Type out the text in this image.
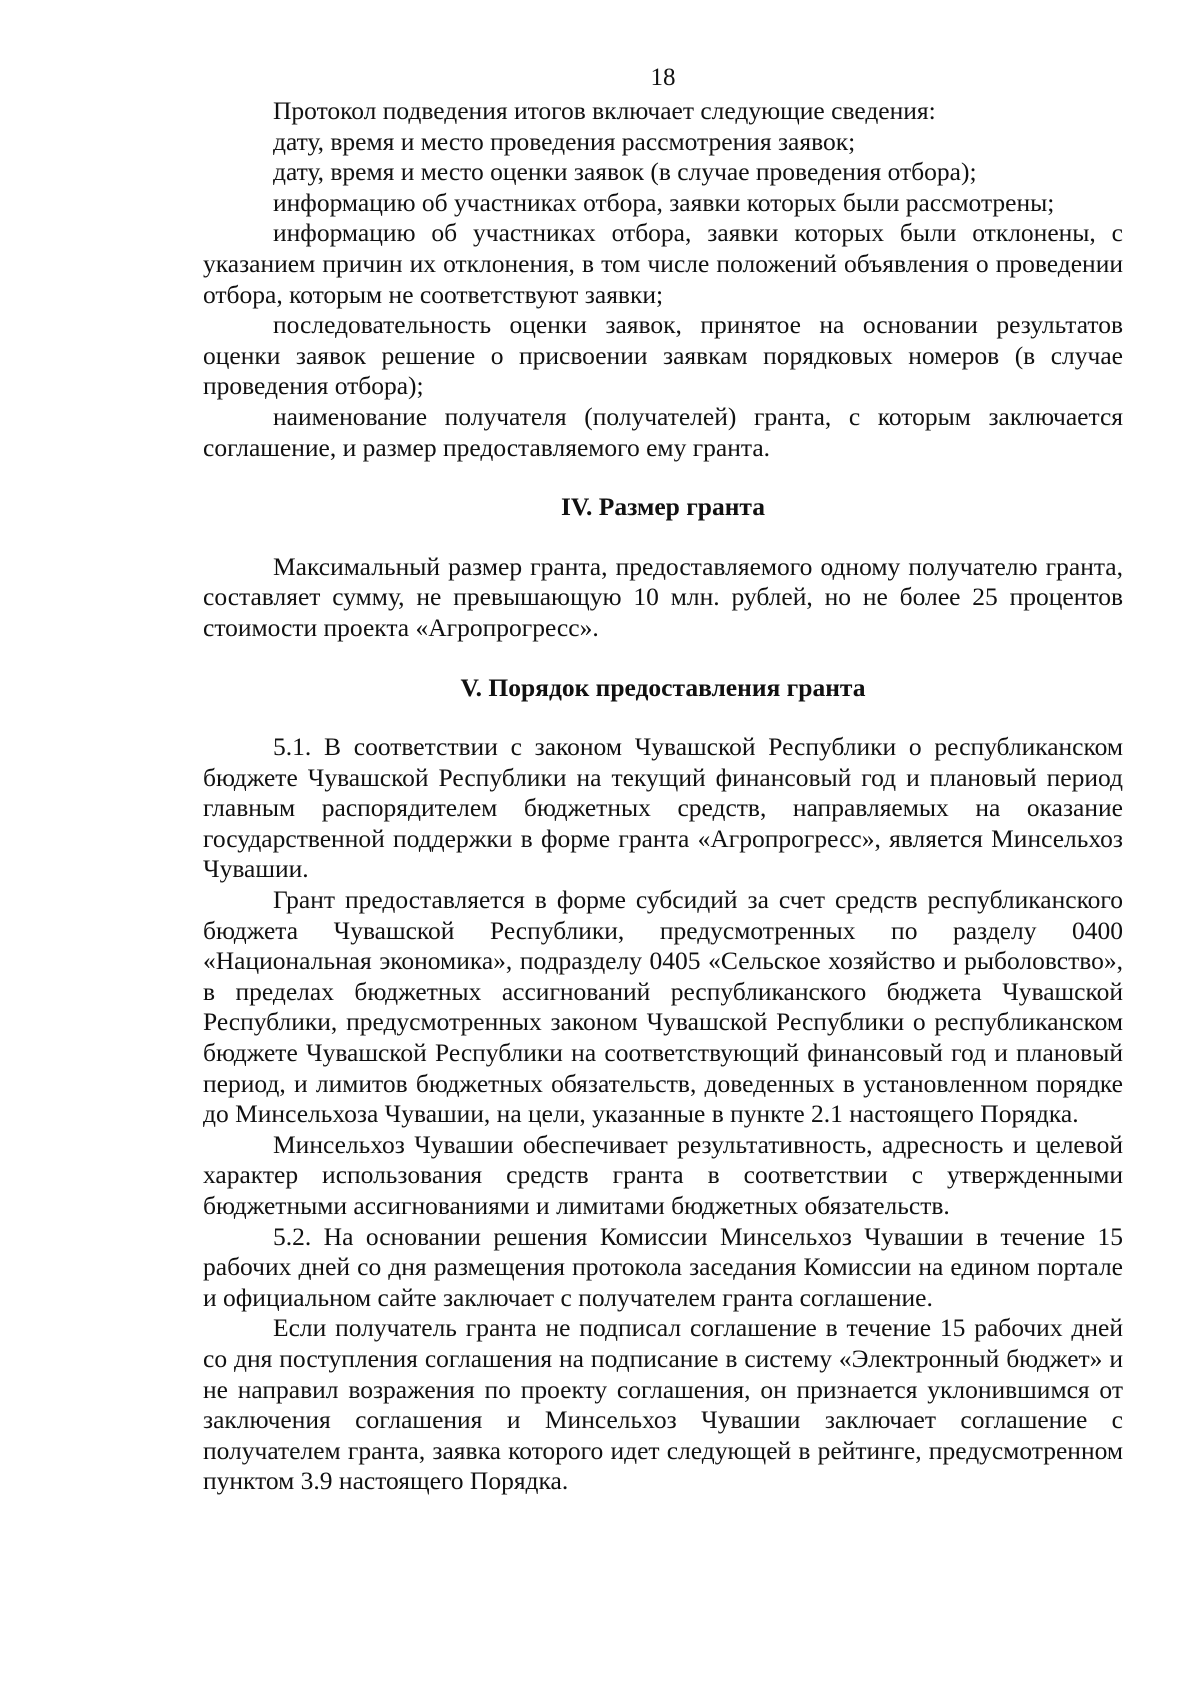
18

Протокол подведения итогов включает следующие сведения:

дату, время и место проведения рассмотрения заявок;

дату, время и место оценки заявок (в случае проведения отбора);

информацию об участниках отбора, заявки которых были рассмотрены;

информацию об участниках отбора, заявки которых были отклонены, с указанием причин их отклонения, в том числе положений объявления о проведении отбора, которым не соответствуют заявки;

последовательность оценки заявок, принятое на основании результатов оценки заявок решение о присвоении заявкам порядковых номеров (в случае проведения отбора);

наименование получателя (получателей) гранта, с которым заключается соглашение, и размер предоставляемого ему гранта.

IV. Размер гранта

Максимальный размер гранта, предоставляемого одному получателю гранта, составляет сумму, не превышающую 10 млн. рублей, но не более 25 процентов стоимости проекта «Агропрогресс».

V. Порядок предоставления гранта

5.1. В соответствии с законом Чувашской Республики о республиканском бюджете Чувашской Республики на текущий финансовый год и плановый период главным распорядителем бюджетных средств, направляемых на оказание государственной поддержки в форме гранта «Агропрогресс», является Минсельхоз Чувашии.

Грант предоставляется в форме субсидий за счет средств республиканского бюджета Чувашской Республики, предусмотренных по разделу 0400 «Национальная экономика», подразделу 0405 «Сельское хозяйство и рыболовство», в пределах бюджетных ассигнований республиканского бюджета Чувашской Республики, предусмотренных законом Чувашской Республики о республиканском бюджете Чувашской Республики на соответствующий финансовый год и плановый период, и лимитов бюджетных обязательств, доведенных в установленном порядке до Минсельхоза Чувашии, на цели, указанные в пункте 2.1 настоящего Порядка.

Минсельхоз Чувашии обеспечивает результативность, адресность и целевой характер использования средств гранта в соответствии с утвержденными бюджетными ассигнованиями и лимитами бюджетных обязательств.

5.2. На основании решения Комиссии Минсельхоз Чувашии в течение 15 рабочих дней со дня размещения протокола заседания Комиссии на едином портале и официальном сайте заключает с получателем гранта соглашение.

Если получатель гранта не подписал соглашение в течение 15 рабочих дней со дня поступления соглашения на подписание в систему «Электронный бюджет» и не направил возражения по проекту соглашения, он признается уклонившимся от заключения соглашения и Минсельхоз Чувашии заключает соглашение с получателем гранта, заявка которого идет следующей в рейтинге, предусмотренном пунктом 3.9 настоящего Порядка.
